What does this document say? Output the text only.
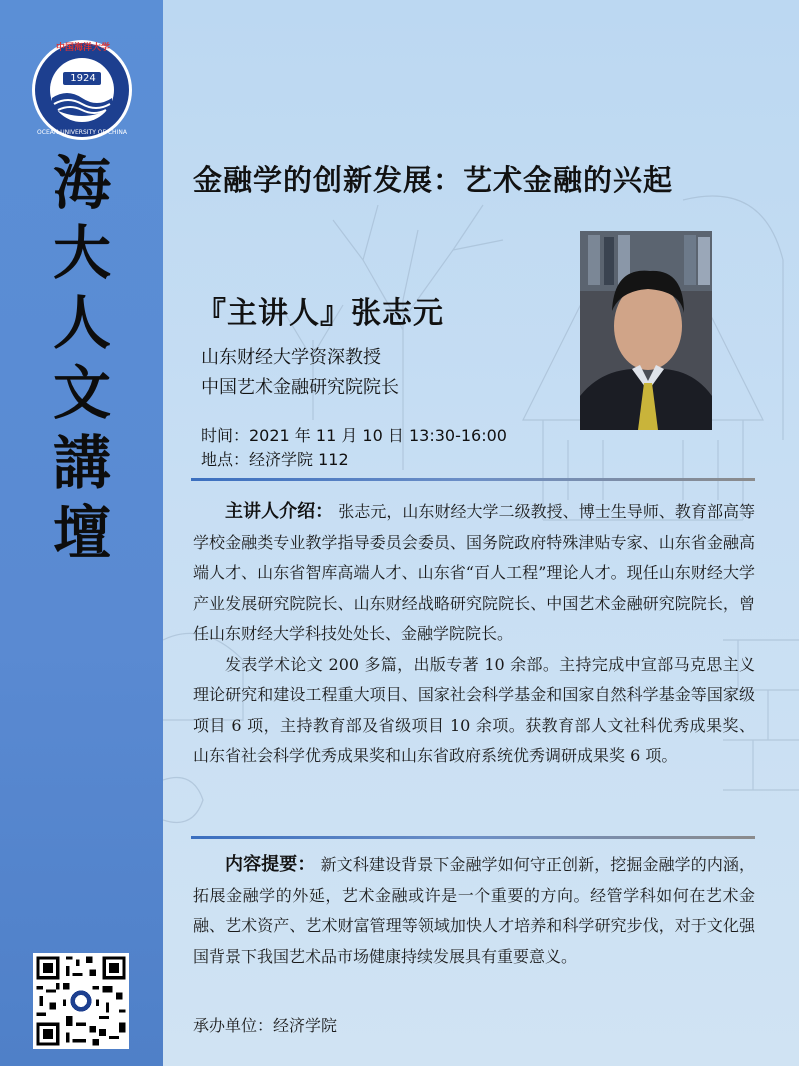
1924
中国海洋大学
OCEAN UNIVERSITY OF CHINA
海
大
人
文
講
壇
金融学的创新发展：艺术金融的兴起
『主讲人』张志元
山东财经大学资深教授
中国艺术金融研究院院长
时间：2021 年 11 月 10 日 13:30-16:00
地点：经济学院 112

主讲人介绍： 张志元，山东财经大学二级教授、博士生导师、教育部高等学校金融类专业教学指导委员会委员、国务院政府特殊津贴专家、山东省金融高端人才、山东省智库高端人才、山东省“百人工程”理论人才。现任山东财经大学产业发展研究院院长、山东财经战略研究院院长、中国艺术金融研究院院长，曾任山东财经大学科技处处长、金融学院院长。

发表学术论文 200 多篇，出版专著 10 余部。主持完成中宣部马克思主义理论研究和建设工程重大项目、国家社会科学基金和国家自然科学基金等国家级项目 6 项，主持教育部及省级项目 10 余项。获教育部人文社科优秀成果奖、山东省社会科学优秀成果奖和山东省政府系统优秀调研成果奖 6 项。

内容提要： 新文科建设背景下金融学如何守正创新，挖掘金融学的内涵，拓展金融学的外延，艺术金融或许是一个重要的方向。经管学科如何在艺术金融、艺术资产、艺术财富管理等领域加快人才培养和科学研究步伐，对于文化强国背景下我国艺术品市场健康持续发展具有重要意义。

承办单位：经济学院
